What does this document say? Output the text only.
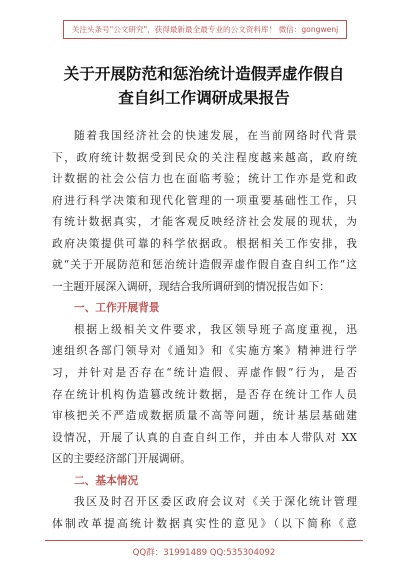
关注头条号"公文研究"，获得最新最全最专业的公文资料库！ 微信：gongwenj
关于开展防范和惩治统计造假弄虚作假自
查自纠工作调研成果报告
随着我国经济社会的快速发展，在当前网络时代背景
下，政府统计数据受到民众的关注程度越来越高，政府统
计数据的社会公信力也在面临考验；统计工作亦是党和政
府进行科学决策和现代化管理的一项重要基础性工作，只
有统计数据真实，才能客观反映经济社会发展的现状，为
政府决策提供可靠的科学依据政。根据相关工作安排，我
就“关于开展防范和惩治统计造假弄虚作假自查自纠工作”这
一主题开展深入调研，现结合我所调研到的情况报告如下：
一、工作开展背景
根据上级相关文件要求，我区领导班子高度重视，迅
速组织各部门领导对《通知》和《实施方案》精神进行学
习，并针对是否存在“统计造假、弄虚作假”行为，是否
存在统计机构伪造篡改统计数据，是否存在统计工作人员
审核把关不严造成数据质量不高等问题，统计基层基础建
设情况，开展了认真的自查自纠工作，并由本人带队对 XX
区的主要经济部门开展调研。
二、基本情况
我区及时召开区委区政府会议对《关于深化统计管理
体制改革提高统计数据真实性的意见》（以下简称《意
QQ群：31991489 QQ:535304092
